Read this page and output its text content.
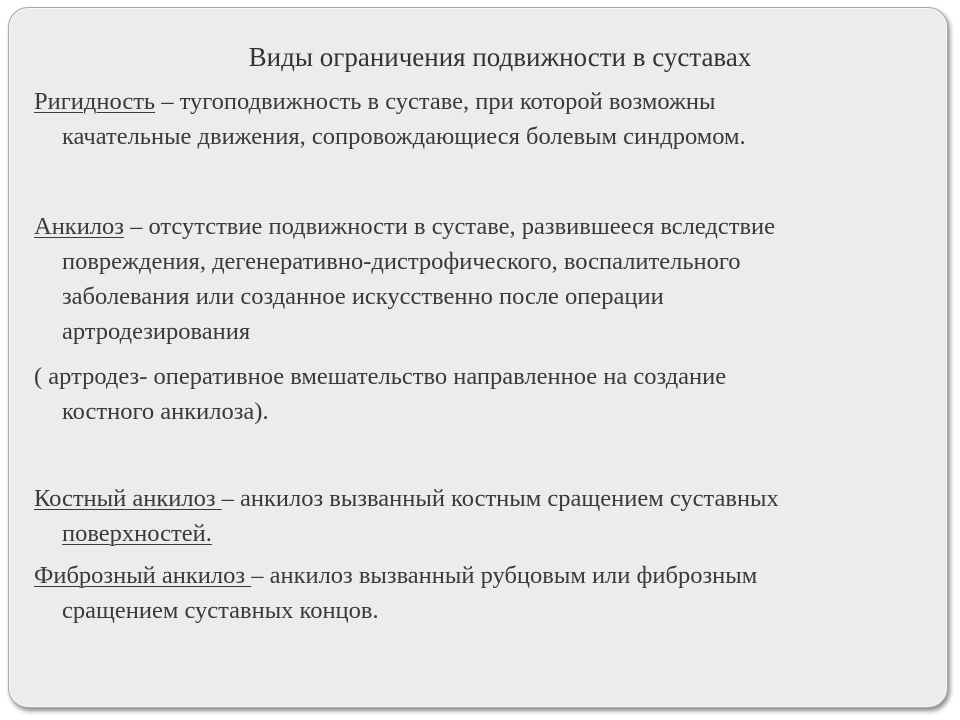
Виды ограничения подвижности в суставах
Ригидность – тугоподвижность в суставе, при которой возможны
качательные движения, сопровождающиеся болевым синдромом.
Анкилоз – отсутствие подвижности в суставе, развившееся вследствие
повреждения, дегенеративно-дистрофического, воспалительного
заболевания или созданное искусственно после операции
артродезирования
( артродез- оперативное вмешательство направленное на создание
костного анкилоза).
Костный анкилоз – анкилоз вызванный костным сращением суставных
поверхностей.
Фиброзный анкилоз – анкилоз вызванный рубцовым или фиброзным
сращением суставных концов.
